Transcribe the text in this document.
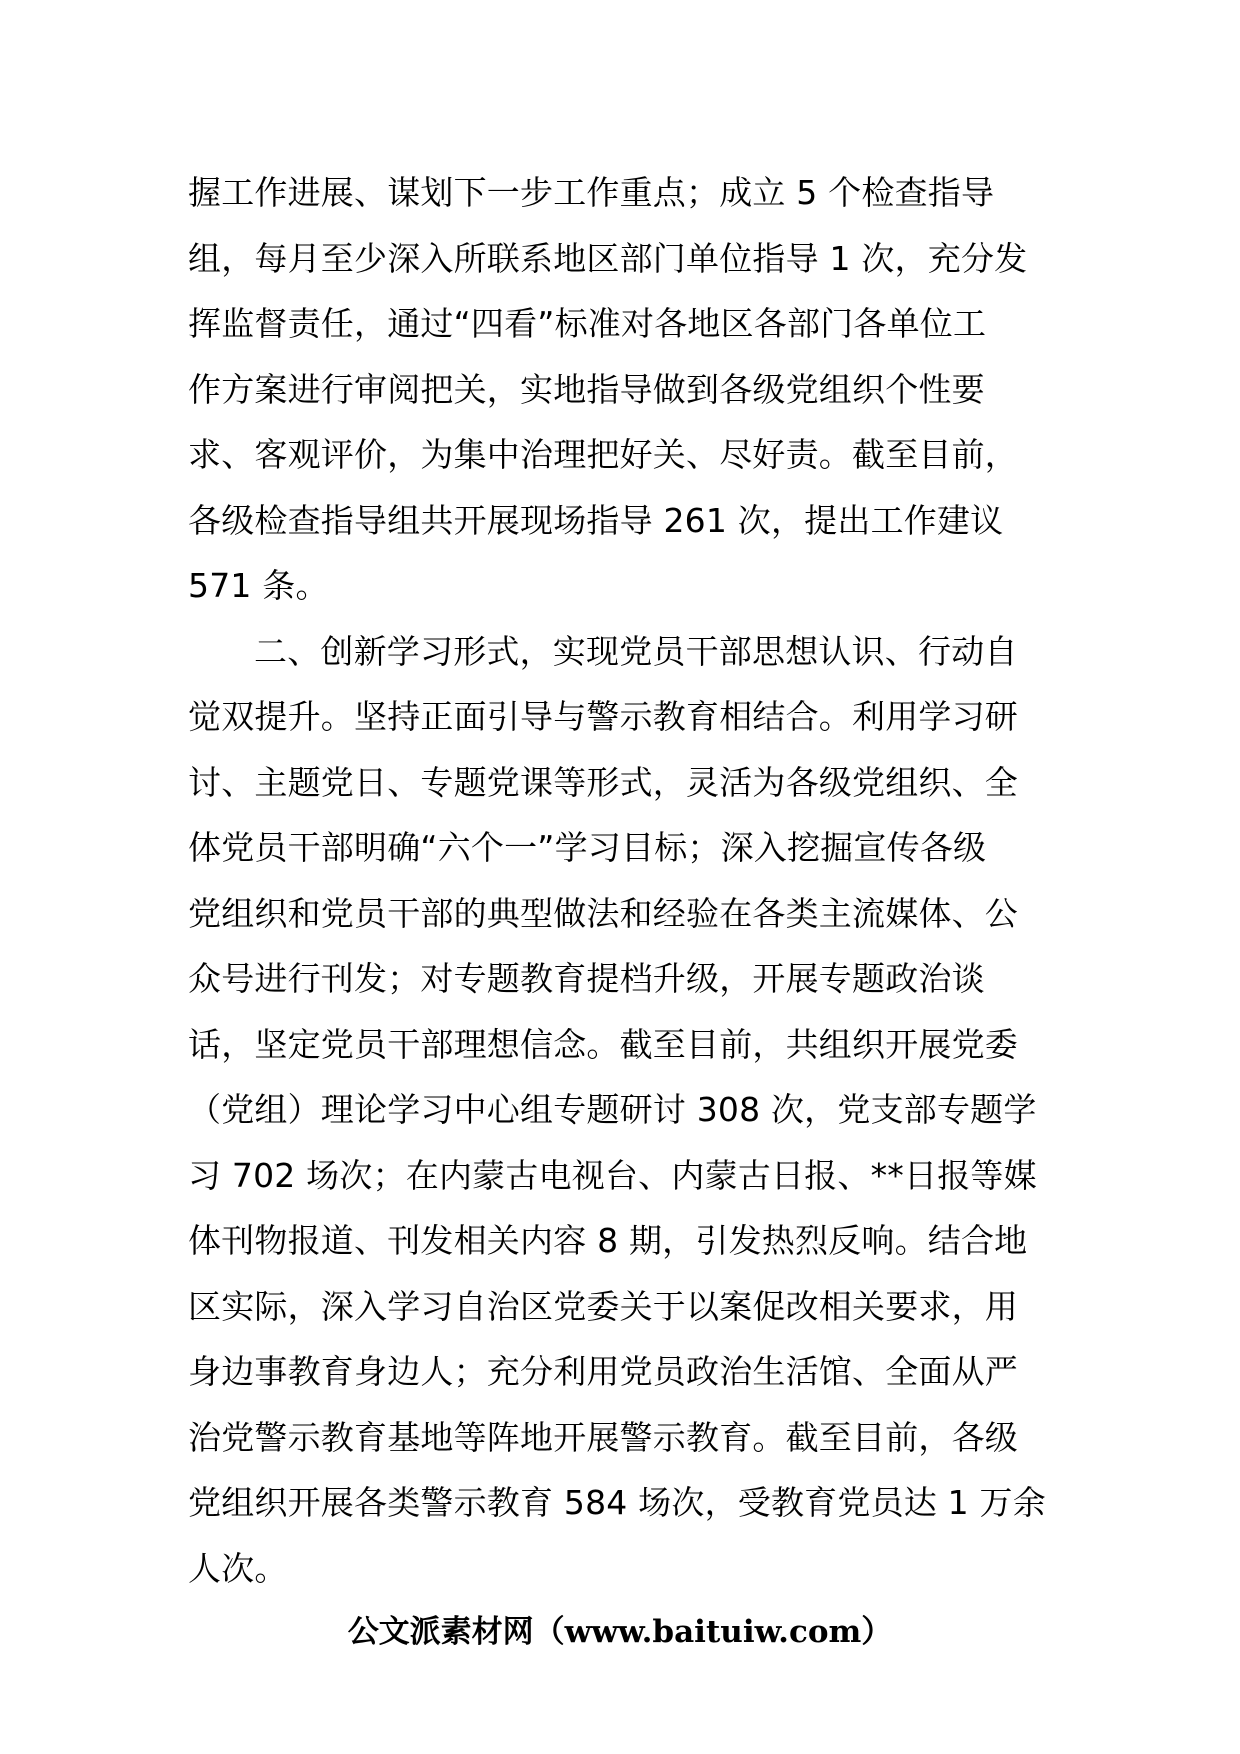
握工作进展、谋划下一步工作重点；成立 5 个检查指导
组，每月至少深入所联系地区部门单位指导 1 次，充分发
挥监督责任，通过“四看”标准对各地区各部门各单位工
作方案进行审阅把关，实地指导做到各级党组织个性要
求、客观评价，为集中治理把好关、尽好责。截至目前，
各级检查指导组共开展现场指导 261 次，提出工作建议
571 条。
二、创新学习形式，实现党员干部思想认识、行动自
觉双提升。坚持正面引导与警示教育相结合。利用学习研
讨、主题党日、专题党课等形式，灵活为各级党组织、全
体党员干部明确“六个一”学习目标；深入挖掘宣传各级
党组织和党员干部的典型做法和经验在各类主流媒体、公
众号进行刊发；对专题教育提档升级，开展专题政治谈
话，坚定党员干部理想信念。截至目前，共组织开展党委
（党组）理论学习中心组专题研讨 308 次，党支部专题学
习 702 场次；在内蒙古电视台、内蒙古日报、**日报等媒
体刊物报道、刊发相关内容 8 期，引发热烈反响。结合地
区实际，深入学习自治区党委关于以案促改相关要求，用
身边事教育身边人；充分利用党员政治生活馆、全面从严
治党警示教育基地等阵地开展警示教育。截至目前，各级
党组织开展各类警示教育 584 场次，受教育党员达 1 万余
人次。
公文派素材网（www.baituiw.com）
